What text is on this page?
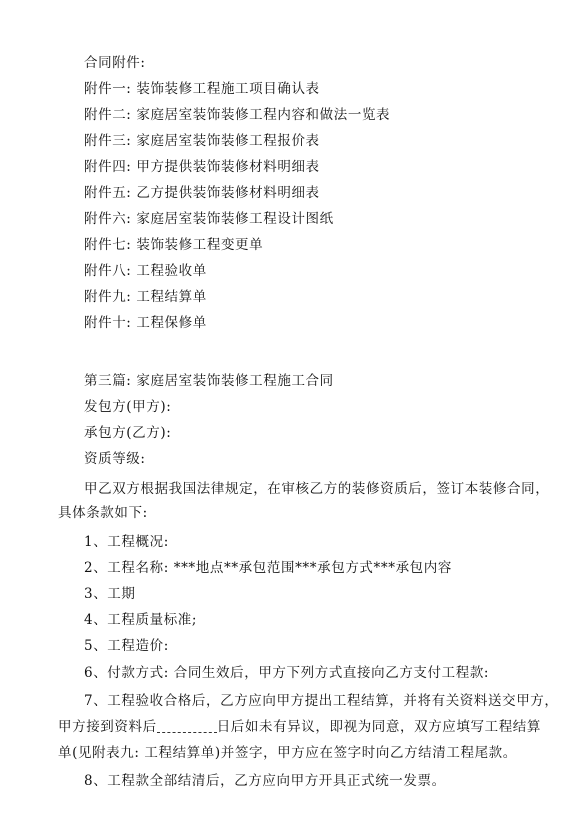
合同附件:
附件一: 装饰装修工程施工项目确认表
附件二: 家庭居室装饰装修工程内容和做法一览表
附件三: 家庭居室装饰装修工程报价表
附件四: 甲方提供装饰装修材料明细表
附件五: 乙方提供装饰装修材料明细表
附件六: 家庭居室装饰装修工程设计图纸
附件七: 装饰装修工程变更单
附件八: 工程验收单
附件九: 工程结算单
附件十: 工程保修单
第三篇: 家庭居室装饰装修工程施工合同
发包方(甲方):
承包方(乙方):
资质等级:
甲乙双方根据我国法律规定，在审核乙方的装修资质后，签订本装修合同，
具体条款如下:
1、工程概况:
2、工程名称: ***地点**承包范围***承包方式***承包内容
3、工期
4、工程质量标准;
5、工程造价:
6、付款方式: 合同生效后，甲方下列方式直接向乙方支付工程款:
7、工程验收合格后，乙方应向甲方提出工程结算，并将有关资料送交甲方，
甲方接到资料后	日后如未有异议，即视为同意，双方应填写工程结算
单(见附表九: 工程结算单)并签字，甲方应在签字时向乙方结清工程尾款。
8、工程款全部结清后，乙方应向甲方开具正式统一发票。
